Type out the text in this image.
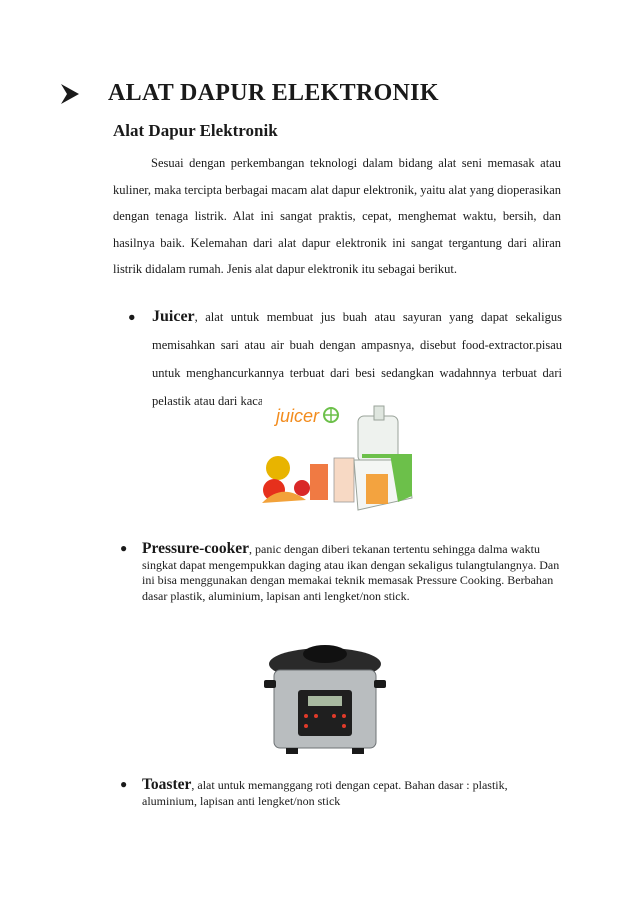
ALAT DAPUR ELEKTRONIK
Alat Dapur Elektronik
Sesuai dengan perkembangan teknologi dalam bidang alat seni memasak atau kuliner, maka tercipta berbagai macam alat dapur elektronik, yaitu alat yang dioperasikan dengan tenaga listrik. Alat ini sangat praktis, cepat, menghemat waktu, bersih, dan hasilnya baik. Kelemahan dari alat dapur elektronik ini sangat tergantung dari aliran listrik didalam rumah. Jenis alat dapur elektronik itu sebagai berikut.
● Juicer, alat untuk membuat jus buah atau sayuran yang dapat sekaligus memisahkan sari atau air buah dengan ampasnya, disebut food-extractor.pisau untuk menghancurkannya terbuat dari besi sedangkan wadahnnya terbuat dari pelastik atau dari kaca.
juicer
● Pressure-cooker, panic dengan diberi tekanan tertentu sehingga dalma waktu singkat dapat mengempukkan daging atau ikan dengan sekaligus tulangtulangnya. Dan ini bisa menggunakan dengan memakai teknik memasak Pressure Cooking. Berbahan dasar plastik, aluminium, lapisan anti lengket/non stick.
● Toaster, alat untuk memanggang roti dengan cepat. Bahan dasar : plastik, aluminium, lapisan anti lengket/non stick
